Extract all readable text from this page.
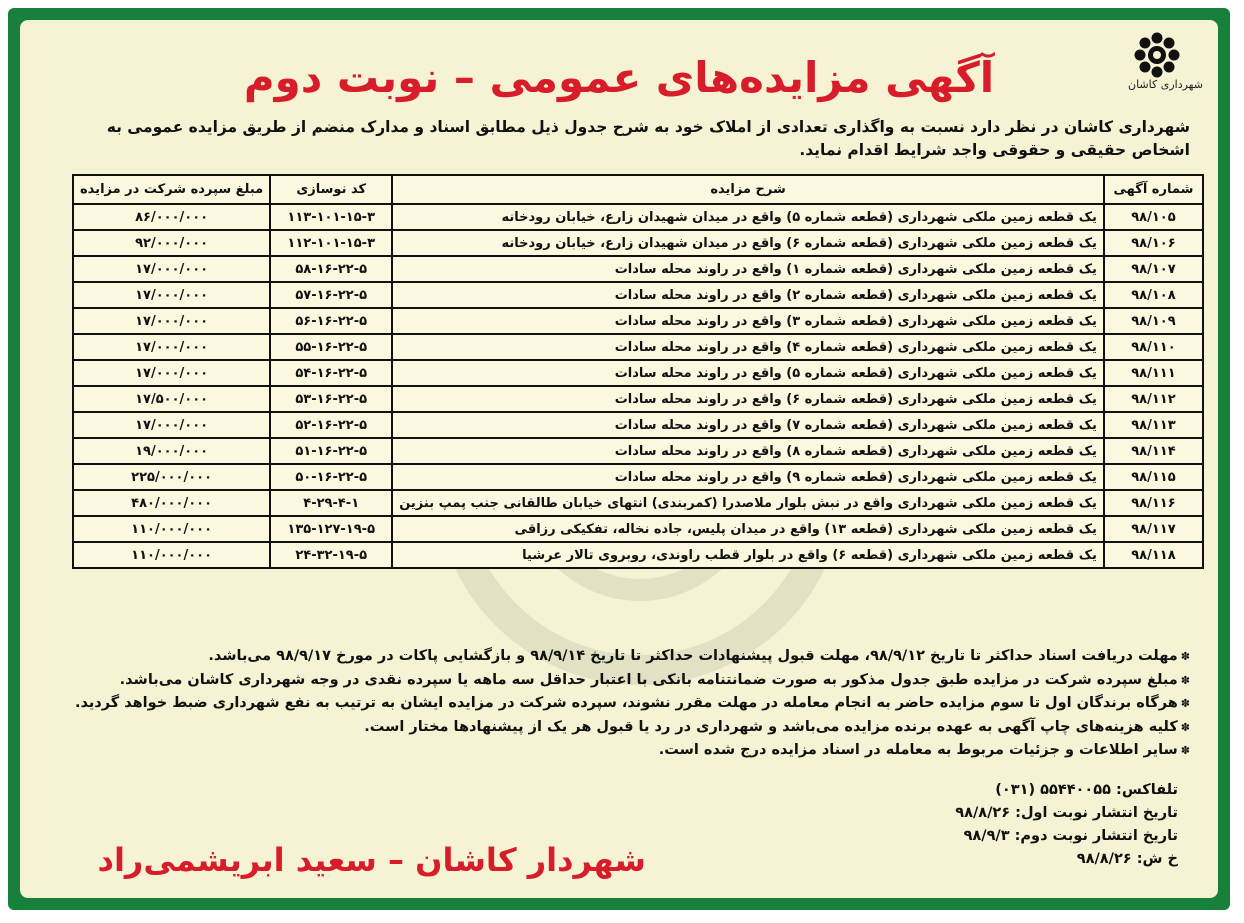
شهرداری کاشان
آگهی مزایده‌های عمومی – نوبت دوم
شهرداری کاشان در نظر دارد نسبت به واگذاری تعدادی از املاک خود به شرح جدول ذیل مطابق اسناد و مدارک منضم از طریق مزایده عمومی به اشخاص حقیقی و حقوقی واجد شرایط اقدام نماید.
شماره آگهی	شرح مزایده	کد نوسازی	مبلغ سپرده شرکت در مزایده
۹۸/۱۰۵	یک قطعه زمین ملکی شهرداری (قطعه شماره ۵) واقع در میدان شهیدان زارع، خیابان رودخانه	۱۱۳-۱۰۱-۱۵-۳	۸۶/۰۰۰/۰۰۰
۹۸/۱۰۶	یک قطعه زمین ملکی شهرداری (قطعه شماره ۶) واقع در میدان شهیدان زارع، خیابان رودخانه	۱۱۲-۱۰۱-۱۵-۳	۹۲/۰۰۰/۰۰۰
۹۸/۱۰۷	یک قطعه زمین ملکی شهرداری (قطعه شماره ۱) واقع در راوند محله سادات	۵۸-۱۶-۲۲-۵	۱۷/۰۰۰/۰۰۰
۹۸/۱۰۸	یک قطعه زمین ملکی شهرداری (قطعه شماره ۲) واقع در راوند محله سادات	۵۷-۱۶-۲۲-۵	۱۷/۰۰۰/۰۰۰
۹۸/۱۰۹	یک قطعه زمین ملکی شهرداری (قطعه شماره ۳) واقع در راوند محله سادات	۵۶-۱۶-۲۲-۵	۱۷/۰۰۰/۰۰۰
۹۸/۱۱۰	یک قطعه زمین ملکی شهرداری (قطعه شماره ۴) واقع در راوند محله سادات	۵۵-۱۶-۲۲-۵	۱۷/۰۰۰/۰۰۰
۹۸/۱۱۱	یک قطعه زمین ملکی شهرداری (قطعه شماره ۵) واقع در راوند محله سادات	۵۴-۱۶-۲۲-۵	۱۷/۰۰۰/۰۰۰
۹۸/۱۱۲	یک قطعه زمین ملکی شهرداری (قطعه شماره ۶) واقع در راوند محله سادات	۵۳-۱۶-۲۲-۵	۱۷/۵۰۰/۰۰۰
۹۸/۱۱۳	یک قطعه زمین ملکی شهرداری (قطعه شماره ۷) واقع در راوند محله سادات	۵۲-۱۶-۲۲-۵	۱۷/۰۰۰/۰۰۰
۹۸/۱۱۴	یک قطعه زمین ملکی شهرداری (قطعه شماره ۸) واقع در راوند محله سادات	۵۱-۱۶-۲۲-۵	۱۹/۰۰۰/۰۰۰
۹۸/۱۱۵	یک قطعه زمین ملکی شهرداری (قطعه شماره ۹) واقع در راوند محله سادات	۵۰-۱۶-۲۲-۵	۲۲۵/۰۰۰/۰۰۰
۹۸/۱۱۶	یک قطعه زمین ملکی شهرداری واقع در نبش بلوار ملاصدرا (کمربندی) انتهای خیابان طالقانی جنب پمپ بنزین	۴-۲۹-۴-۱	۴۸۰/۰۰۰/۰۰۰
۹۸/۱۱۷	یک قطعه زمین ملکی شهرداری (قطعه ۱۳) واقع در میدان پلیس، جاده نخاله، تفکیکی رزاقی	۱۳۵-۱۲۷-۱۹-۵	۱۱۰/۰۰۰/۰۰۰
۹۸/۱۱۸	یک قطعه زمین ملکی شهرداری (قطعه ۶) واقع در بلوار قطب راوندی، روبروی تالار عرشیا	۲۴-۳۲-۱۹-۵	۱۱۰/۰۰۰/۰۰۰
✽مهلت دریافت اسناد حداکثر تا تاریخ ۹۸/۹/۱۲، مهلت قبول پیشنهادات حداکثر تا تاریخ ۹۸/۹/۱۴ و بازگشایی پاکات در مورخ ۹۸/۹/۱۷ می‌باشد.
✽مبلغ سپرده شرکت در مزایده طبق جدول مذکور به صورت ضمانتنامه بانکی با اعتبار حداقل سه ماهه یا سپرده نقدی در وجه شهرداری کاشان می‌باشد.
✽هرگاه برندگان اول تا سوم مزایده حاضر به انجام معامله در مهلت مقرر نشوند، سپرده شرکت در مزایده ایشان به ترتیب به نفع شهرداری ضبط خواهد گردید.
✽کلیه هزینه‌های چاپ آگهی به عهده برنده مزایده می‌باشد و شهرداری در رد یا قبول هر یک از پیشنهادها مختار است.
✽سایر اطلاعات و جزئیات مربوط به معامله در اسناد مزایده درج شده است.
تلفاکس: ۵۵۴۴۰۰۵۵ (۰۳۱)
تاریخ انتشار نوبت اول: ۹۸/۸/۲۶
تاریخ انتشار نوبت دوم: ۹۸/۹/۳
خ ش: ۹۸/۸/۲۶
شهردار کاشان – سعید ابریشمی‌راد
